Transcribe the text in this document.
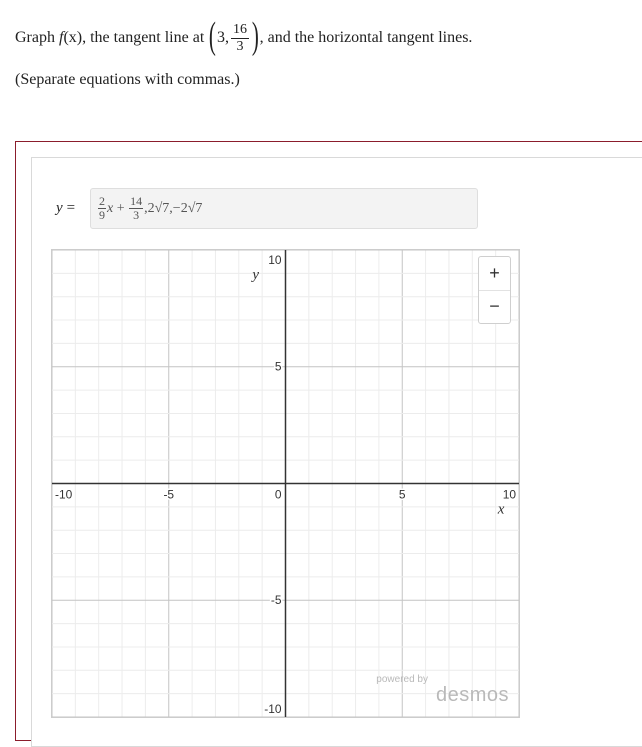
Graph
f (x) , the tangent line at
( 3, $\frac{16}{3}$ ) , and the horizontal tangent lines.
(Separate equations with commas.)
y =	2
9 x
+
$\frac{14}{3} ,2√7,-2√7$
-10	-5	5	10
10
5
-5
-10
0
x
y	+
−
powered by
desmos
